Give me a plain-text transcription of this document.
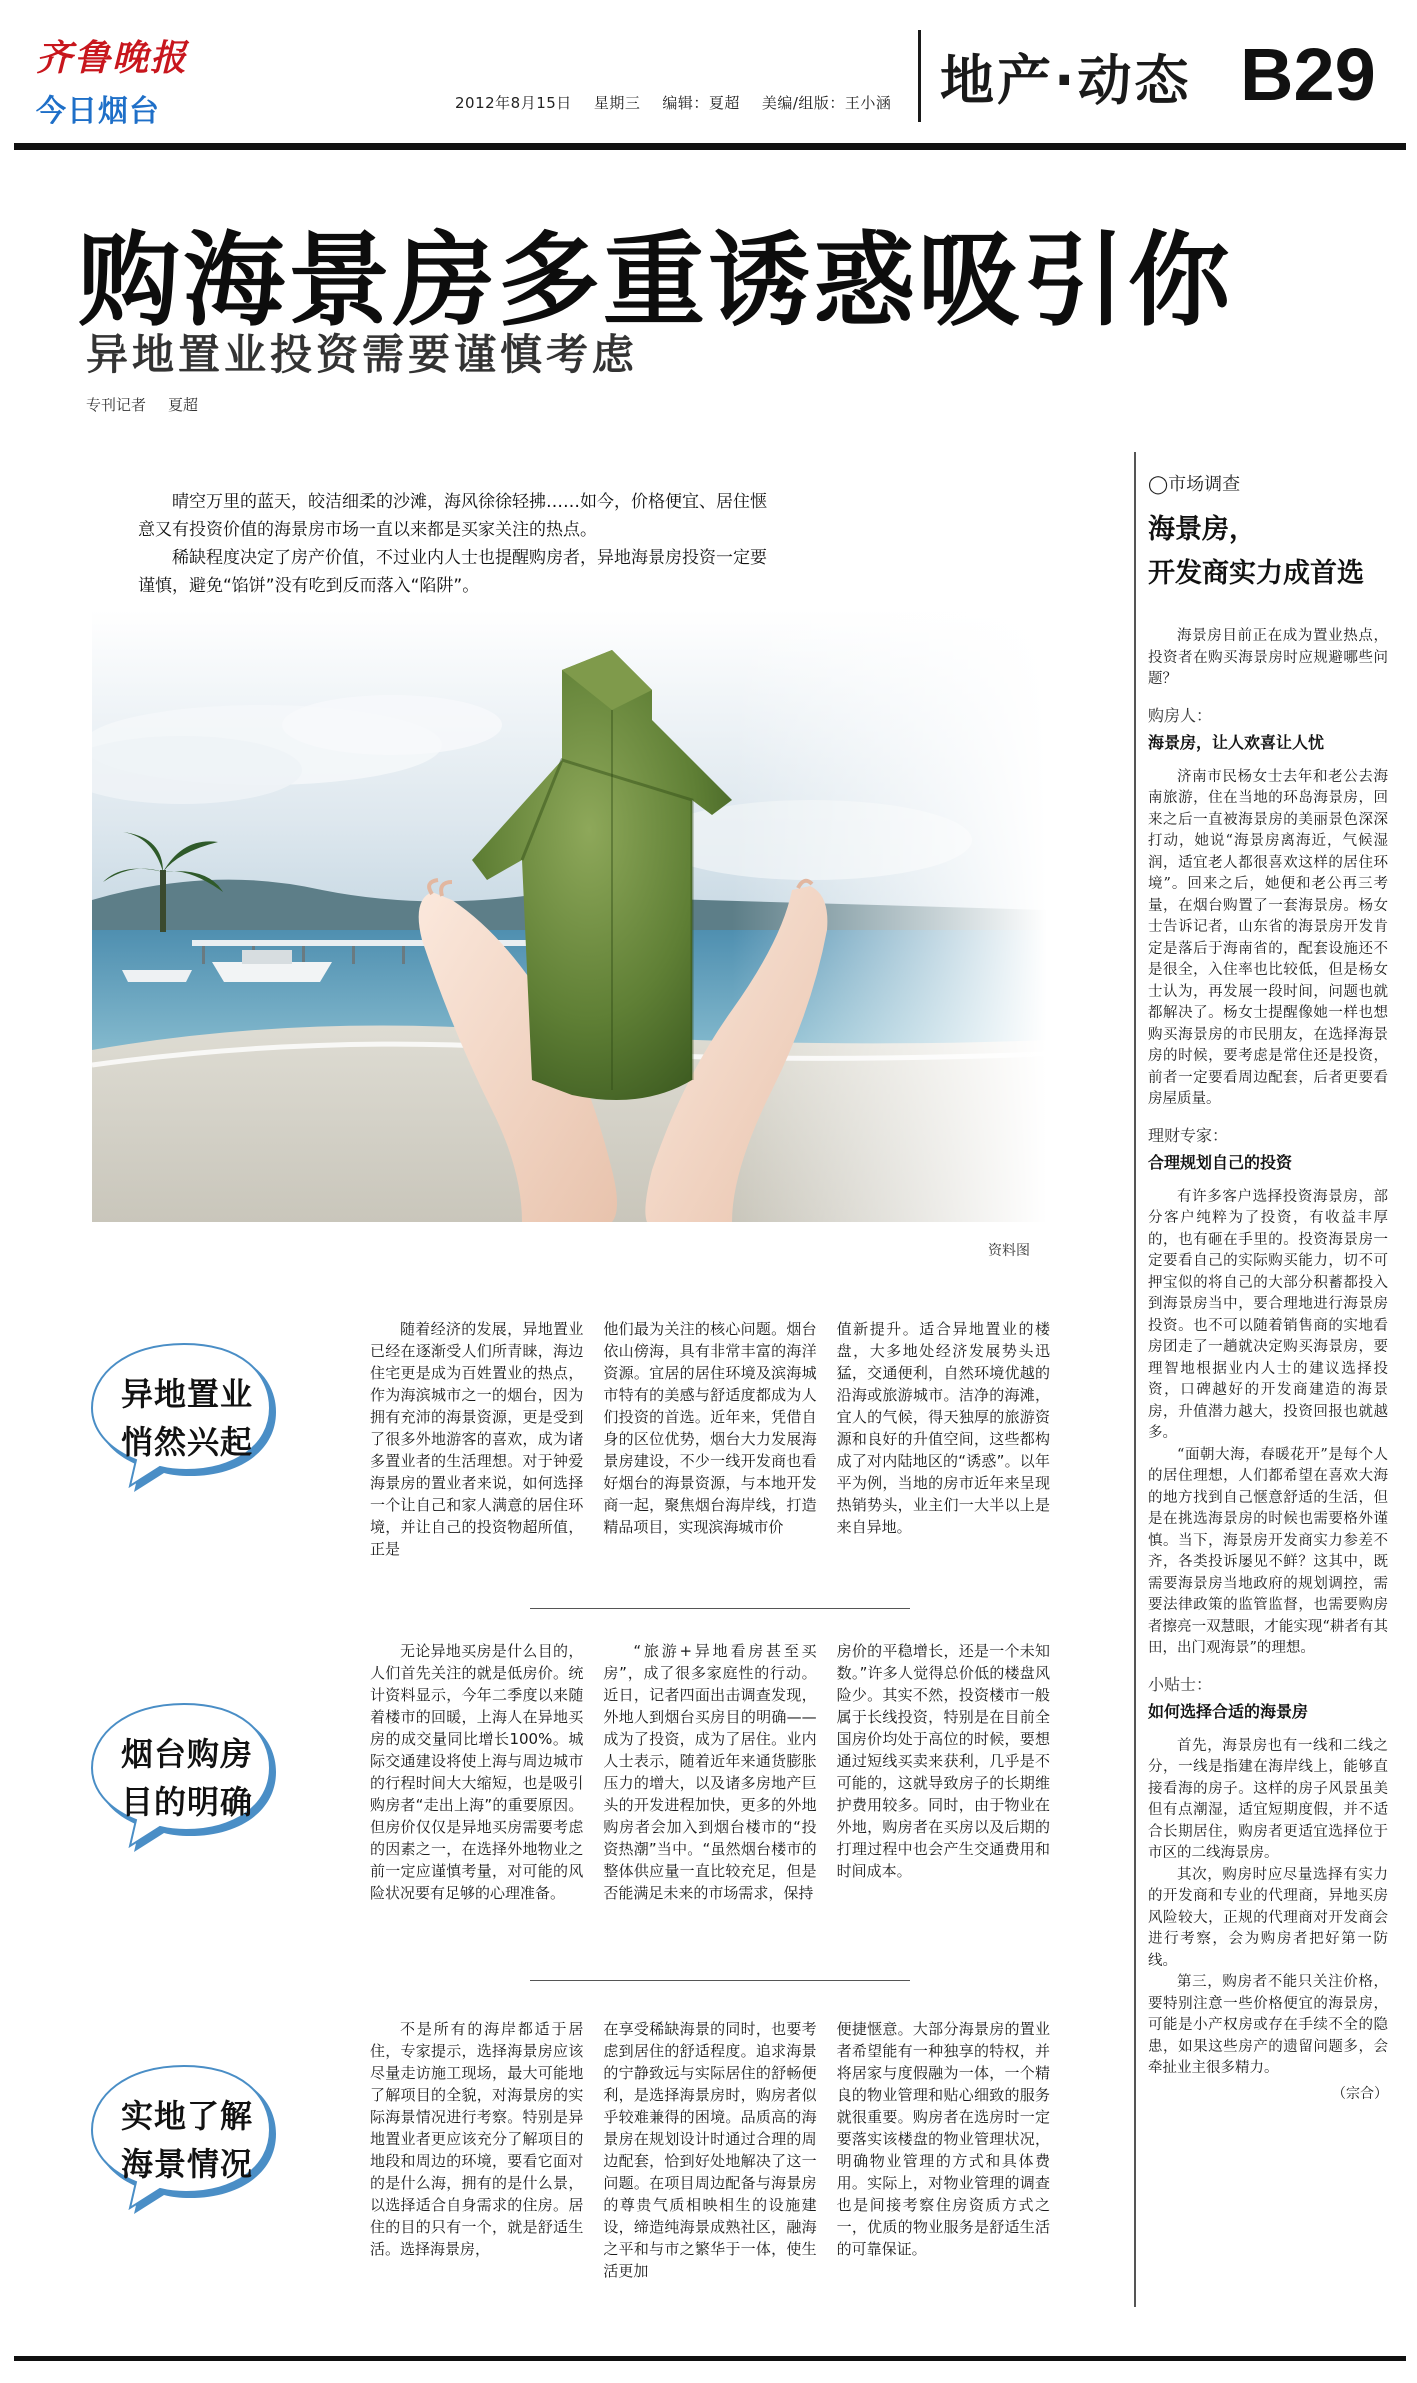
齐鲁晚报
今日烟台	2012年8月15日 星期三 编辑：夏超 美编/组版：王小涵 地产·动态 B29
购海景房多重诱惑吸引你
异地置业投资需要谨慎考虑
专刊记者 夏超

晴空万里的蓝天，皎洁细柔的沙滩，海风徐徐轻拂……如今，价格便宜、居住惬意又有投资价值的海景房市场一直以来都是买家关注的热点。

稀缺程度决定了房产价值，不过业内人士也提醒购房者，异地海景房投资一定要谨慎，避免“馅饼”没有吃到反而落入“陷阱”。

资料图
异地置业
悄然兴起

随着经济的发展，异地置业已经在逐渐受人们所青睐，海边住宅更是成为百姓置业的热点，作为海滨城市之一的烟台，因为拥有充沛的海景资源，更是受到了很多外地游客的喜欢，成为诸多置业者的生活理想。对于钟爱海景房的置业者来说，如何选择一个让自己和家人满意的居住环境，并让自己的投资物超所值，正是

他们最为关注的核心问题。烟台依山傍海，具有非常丰富的海洋资源。宜居的居住环境及滨海城市特有的美感与舒适度都成为人们投资的首选。近年来，凭借自身的区位优势，烟台大力发展海景房建设，不少一线开发商也看好烟台的海景资源，与本地开发商一起，聚焦烟台海岸线，打造精品项目，实现滨海城市价

值新提升。适合异地置业的楼盘，大多地处经济发展势头迅猛，交通便利，自然环境优越的沿海或旅游城市。洁净的海滩，宜人的气候，得天独厚的旅游资源和良好的升值空间，这些都构成了对内陆地区的“诱惑”。以年平为例，当地的房市近年来呈现热销势头，业主们一大半以上是来自异地。

烟台购房
目的明确

无论异地买房是什么目的，人们首先关注的就是低房价。统计资料显示，今年二季度以来随着楼市的回暖，上海人在异地买房的成交量同比增长100%。城际交通建设将使上海与周边城市的行程时间大大缩短，也是吸引购房者“走出上海”的重要原因。但房价仅仅是异地买房需要考虑的因素之一，在选择外地物业之前一定应谨慎考量，对可能的风险状况要有足够的心理准备。

“旅游+异地看房甚至买房”，成了很多家庭性的行动。近日，记者四面出击调查发现，外地人到烟台买房目的明确——成为了投资，成为了居住。业内人士表示，随着近年来通货膨胀压力的增大，以及诸多房地产巨头的开发进程加快，更多的外地购房者会加入到烟台楼市的“投资热潮”当中。“虽然烟台楼市的整体供应量一直比较充足，但是否能满足未来的市场需求，保持

房价的平稳增长，还是一个未知数。”许多人觉得总价低的楼盘风险少。其实不然，投资楼市一般属于长线投资，特别是在目前全国房价均处于高位的时候，要想通过短线买卖来获利，几乎是不可能的，这就导致房子的长期维护费用较多。同时，由于物业在外地，购房者在买房以及后期的打理过程中也会产生交通费用和时间成本。

实地了解
海景情况

不是所有的海岸都适于居住，专家提示，选择海景房应该尽量走访施工现场，最大可能地了解项目的全貌，对海景房的实际海景情况进行考察。特别是异地置业者更应该充分了解项目的地段和周边的环境，要看它面对的是什么海，拥有的是什么景，以选择适合自身需求的住房。居住的目的只有一个，就是舒适生活。选择海景房，

在享受稀缺海景的同时，也要考虑到居住的舒适程度。追求海景的宁静致远与实际居住的舒畅便利，是选择海景房时，购房者似乎较难兼得的困境。品质高的海景房在规划设计时通过合理的周边配套，恰到好处地解决了这一问题。在项目周边配备与海景房的尊贵气质相映相生的设施建设，缔造纯海景成熟社区，融海之平和与市之繁华于一体，使生活更加

便捷惬意。大部分海景房的置业者希望能有一种独享的特权，并将居家与度假融为一体，一个精良的物业管理和贴心细致的服务就很重要。购房者在选房时一定要落实该楼盘的物业管理状况，明确物业管理的方式和具体费用。实际上，对物业管理的调查也是间接考察住房资质方式之一，优质的物业服务是舒适生活的可靠保证。

◯市场调查
海景房，
开发商实力成首选

海景房目前正在成为置业热点，投资者在购买海景房时应规避哪些问题？

购房人：
海景房，让人欢喜让人忧

济南市民杨女士去年和老公去海南旅游，住在当地的环岛海景房，回来之后一直被海景房的美丽景色深深打动，她说“海景房离海近，气候湿润，适宜老人都很喜欢这样的居住环境”。回来之后，她便和老公再三考量，在烟台购置了一套海景房。杨女士告诉记者，山东省的海景房开发肯定是落后于海南省的，配套设施还不是很全，入住率也比较低，但是杨女士认为，再发展一段时间，问题也就都解决了。杨女士提醒像她一样也想购买海景房的市民朋友，在选择海景房的时候，要考虑是常住还是投资，前者一定要看周边配套，后者更要看房屋质量。

理财专家：
合理规划自己的投资

有许多客户选择投资海景房，部分客户纯粹为了投资，有收益丰厚的，也有砸在手里的。投资海景房一定要看自己的实际购买能力，切不可押宝似的将自己的大部分积蓄都投入到海景房当中，要合理地进行海景房投资。也不可以随着销售商的实地看房团走了一趟就决定购买海景房，要理智地根据业内人士的建议选择投资，口碑越好的开发商建造的海景房，升值潜力越大，投资回报也就越多。

“面朝大海，春暖花开”是每个人的居住理想，人们都希望在喜欢大海的地方找到自己惬意舒适的生活，但是在挑选海景房的时候也需要格外谨慎。当下，海景房开发商实力参差不齐，各类投诉屡见不鲜？这其中，既需要海景房当地政府的规划调控，需要法律政策的监管监督，也需要购房者擦亮一双慧眼，才能实现“耕者有其田，出门观海景”的理想。

小贴士：
如何选择合适的海景房

首先，海景房也有一线和二线之分，一线是指建在海岸线上，能够直接看海的房子。这样的房子风景虽美但有点潮湿，适宜短期度假，并不适合长期居住，购房者更适宜选择位于市区的二线海景房。

其次，购房时应尽量选择有实力的开发商和专业的代理商，异地买房风险较大，正规的代理商对开发商会进行考察，会为购房者把好第一防线。

第三，购房者不能只关注价格，要特别注意一些价格便宜的海景房，可能是小产权房或存在手续不全的隐患，如果这些房产的遗留问题多，会牵扯业主很多精力。

（宗合）
